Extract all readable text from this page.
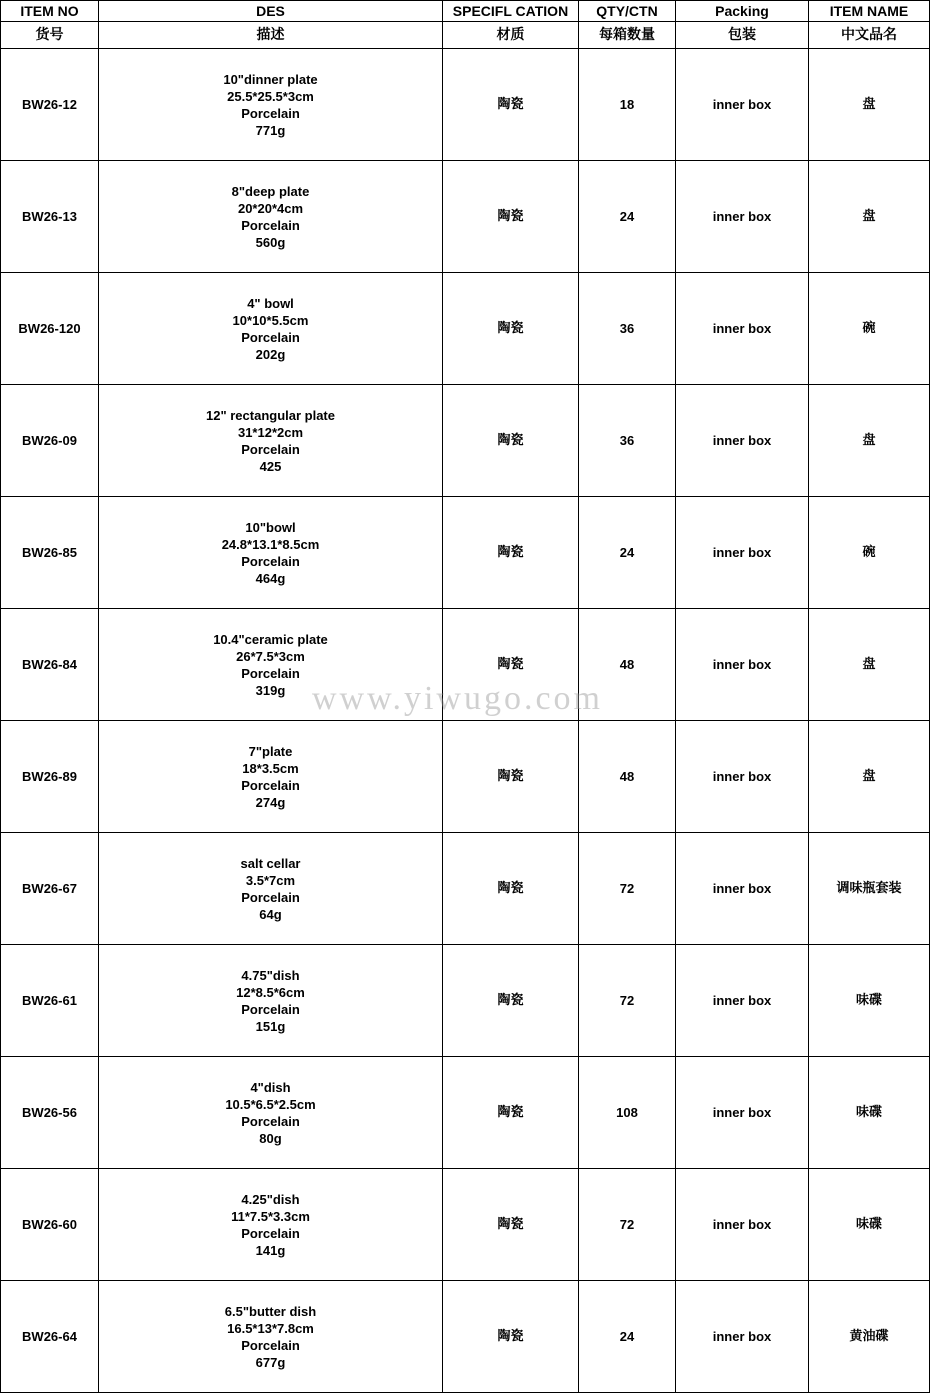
ITEM NO	DES	SPECIFL CATION	QTY/CTN	Packing	ITEM NAME
货号	描述	材质	每箱数量	包装	中文品名
BW26-12	10"dinner plate
25.5*25.5*3cm
Porcelain
771g	陶瓷	18	inner box	盘
BW26-13	8"deep plate
20*20*4cm
Porcelain
560g	陶瓷	24	inner box	盘
BW26-120	4" bowl
10*10*5.5cm
Porcelain
202g	陶瓷	36	inner box	碗
BW26-09	12" rectangular plate
31*12*2cm
Porcelain
425	陶瓷	36	inner box	盘
BW26-85	10"bowl
24.8*13.1*8.5cm
Porcelain
464g	陶瓷	24	inner box	碗
BW26-84	10.4"ceramic plate
26*7.5*3cm
Porcelain
319g	陶瓷	48	inner box	盘
BW26-89	7"plate
18*3.5cm
Porcelain
274g	陶瓷	48	inner box	盘
BW26-67	salt cellar
3.5*7cm
Porcelain
64g	陶瓷	72	inner box	调味瓶套装
BW26-61	4.75"dish
12*8.5*6cm
Porcelain
151g	陶瓷	72	inner box	味碟
BW26-56	4"dish
10.5*6.5*2.5cm
Porcelain
80g	陶瓷	108	inner box	味碟
BW26-60	4.25"dish
11*7.5*3.3cm
Porcelain
141g	陶瓷	72	inner box	味碟
BW26-64	6.5"butter dish
16.5*13*7.8cm
Porcelain
677g	陶瓷	24	inner box	黄油碟
www.yiwugo.com
